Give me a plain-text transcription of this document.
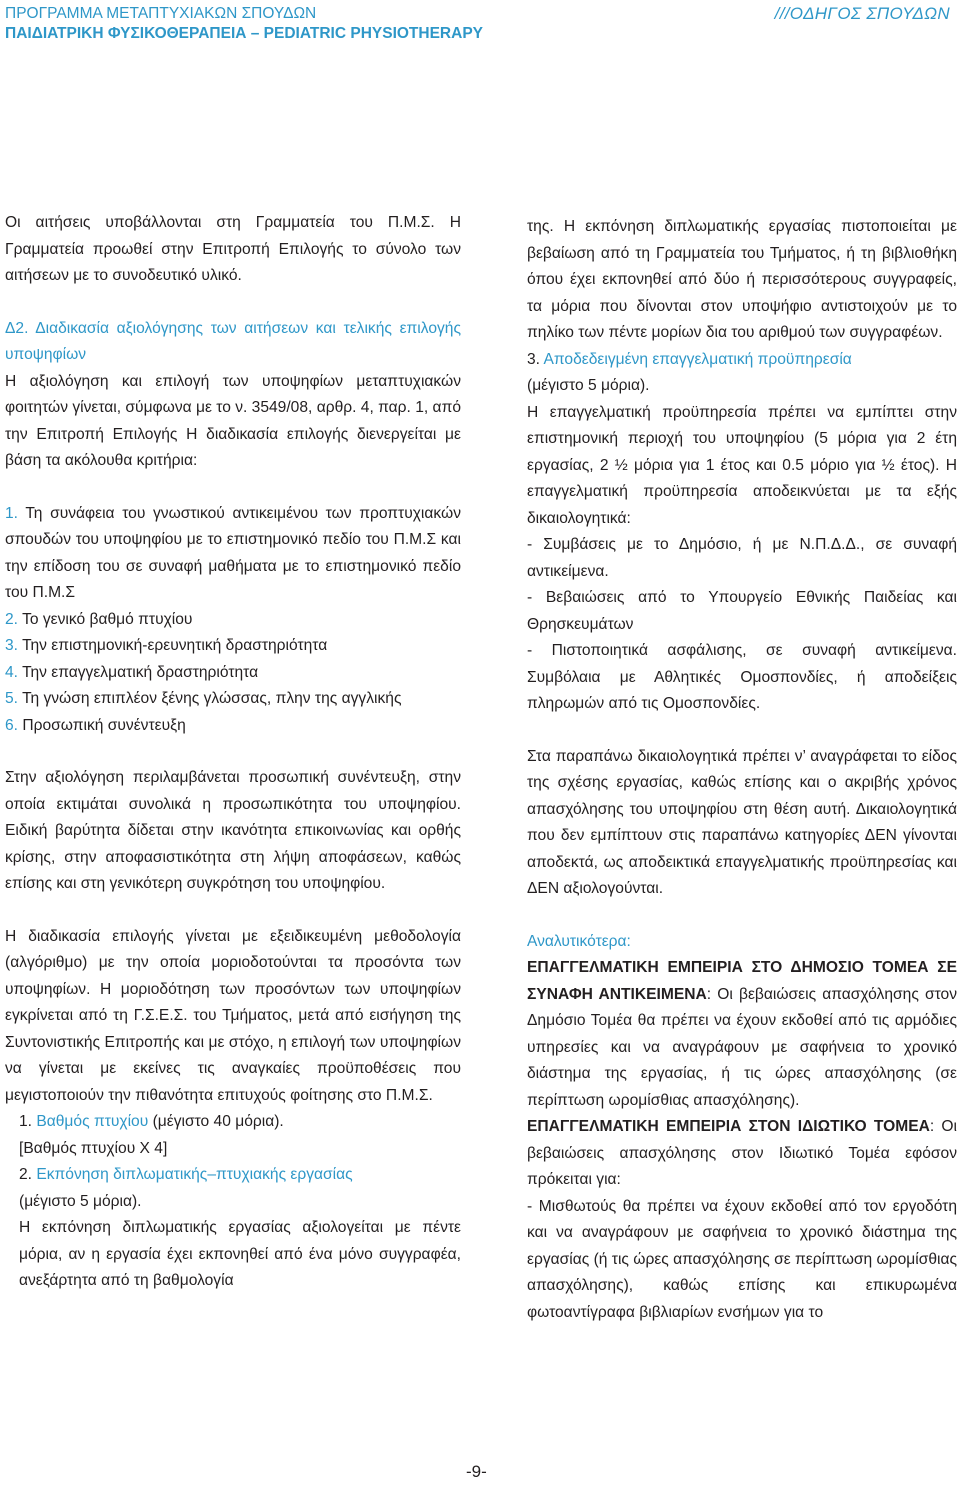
ΠΡΟΓΡΑΜΜΑ ΜΕΤΑΠΤΥΧΙΑΚΩΝ ΣΠΟΥΔΩΝ
ΠΑΙΔΙΑΤΡΙΚΗ ΦΥΣΙΚΟΘΕΡΑΠΕΙΑ – PEDIATRIC PHYSIOTHERAPY
///ΟΔΗΓΟΣ ΣΠΟΥΔΩΝ

Οι αιτήσεις υποβάλλονται στη Γραμματεία του Π.Μ.Σ. Η Γραμματεία προωθεί στην Επιτροπή Επιλογής το σύνολο των αιτήσεων με το συνοδευτικό υλικό.

Δ2. Διαδικασία αξιολόγησης των αιτήσεων και τελικής επιλογής υποψηφίων

Η αξιολόγηση και επιλογή των υποψηφίων μεταπτυχιακών φοιτητών γίνεται, σύμφωνα με το ν. 3549/08, αρθρ. 4, παρ. 1, από την Επιτροπή Επιλογής Η διαδικασία επιλογής διενεργείται με βάση τα ακόλουθα κριτήρια:

1. Τη συνάφεια του γνωστικού αντικειμένου των προπτυχιακών σπουδών του υποψηφίου με το επιστημονικό πεδίο του Π.Μ.Σ και την επίδοση του σε συναφή μαθήματα με το επιστημονικό πεδίο του Π.Μ.Σ

2. Το γενικό βαθμό πτυχίου

3. Την επιστημονική-ερευνητική δραστηριότητα

4. Την επαγγελματική δραστηριότητα

5. Τη γνώση επιπλέον ξένης γλώσσας, πλην της αγγλικής

6. Προσωπική συνέντευξη

Στην αξιολόγηση περιλαμβάνεται προσωπική συνέντευξη, στην οποία εκτιμάται συνολικά η προσωπικότητα του υποψηφίου. Ειδική βαρύτητα δίδεται στην ικανότητα επικοινωνίας και ορθής κρίσης, στην αποφασιστικότητα στη λήψη αποφάσεων, καθώς επίσης και στη γενικότερη συγκρότηση του υποψηφίου.

Η διαδικασία επιλογής γίνεται με εξειδικευμένη μεθοδολογία (αλγόριθμο) με την οποία μοριοδοτούνται τα προσόντα των υποψηφίων. Η μοριοδότηση των προσόντων των υποψηφίων εγκρίνεται από τη Γ.Σ.Ε.Σ. του Τμήματος, μετά από εισήγηση της Συντονιστικής Επιτροπής και με στόχο, η επιλογή των υποψηφίων να γίνεται με εκείνες τις αναγκαίες προϋποθέσεις που μεγιστοποιούν την πιθανότητα επιτυχούς φοίτησης στο Π.Μ.Σ.

1. Βαθμός πτυχίου (μέγιστο 40 μόρια).

[Βαθμός πτυχίου Χ 4]

2. Εκπόνηση διπλωματικής–πτυχιακής εργασίας

(μέγιστο 5 μόρια).

Η εκπόνηση διπλωματικής εργασίας αξιολογείται με πέντε μόρια, αν η εργασία έχει εκπονηθεί από ένα μόνο συγγραφέα, ανεξάρτητα από τη βαθμολογία

της. Η εκπόνηση διπλωματικής εργασίας πιστοποιείται με βεβαίωση από τη Γραμματεία του Τμήματος, ή τη βιβλιοθήκη όπου έχει εκπονηθεί από δύο ή περισσότερους συγγραφείς, τα μόρια που δίνονται στον υποψήφιο αντιστοιχούν με το πηλίκο των πέντε μορίων δια του αριθμού των συγγραφέων.

3. Αποδεδειγμένη επαγγελματική προϋπηρεσία

(μέγιστο 5 μόρια).

Η επαγγελματική προϋπηρεσία πρέπει να εμπίπτει στην επιστημονική περιοχή του υποψηφίου (5 μόρια για 2 έτη εργασίας, 2 ½ μόρια για 1 έτος και 0.5 μόριο για ½ έτος). Η επαγγελματική προϋπηρεσία αποδεικνύεται με τα εξής δικαιολογητικά:

- Συμβάσεις με το Δημόσιο, ή με Ν.Π.Δ.Δ., σε συναφή αντικείμενα.

- Βεβαιώσεις από το Υπουργείο Εθνικής Παιδείας και Θρησκευμάτων

- Πιστοποιητικά ασφάλισης, σε συναφή αντικείμενα. Συμβόλαια με Αθλητικές Ομοσπονδίες, ή αποδείξεις πληρωμών από τις Ομοσπονδίες.

Στα παραπάνω δικαιολογητικά πρέπει ν’ αναγράφεται το είδος της σχέσης εργασίας, καθώς επίσης και ο ακριβής χρόνος απασχόλησης του υποψηφίου στη θέση αυτή. Δικαιολογητικά που δεν εμπίπτουν στις παραπάνω κατηγορίες ΔΕΝ γίνονται αποδεκτά, ως αποδεικτικά επαγγελματικής προϋπηρεσίας και ΔΕΝ αξιολογούνται.

Αναλυτικότερα:

ΕΠΑΓΓΕΛΜΑΤΙΚΗ ΕΜΠΕΙΡΙΑ ΣΤΟ ΔΗΜΟΣΙΟ ΤΟΜΕΑ ΣΕ ΣΥΝΑΦΗ ΑΝΤΙΚΕΙΜΕΝΑ: Οι βεβαιώσεις απασχόλησης στον Δημόσιο Τομέα θα πρέπει να έχουν εκδοθεί από τις αρμόδιες υπηρεσίες και να αναγράφουν με σαφήνεια το χρονικό διάστημα της εργασίας, ή τις ώρες απασχόλησης (σε περίπτωση ωρομίσθιας απασχόλησης).

ΕΠΑΓΓΕΛΜΑΤΙΚΗ ΕΜΠΕΙΡΙΑ ΣΤΟΝ ΙΔΙΩΤΙΚΟ ΤΟΜΕΑ: Οι βεβαιώσεις απασχόλησης στον Ιδιωτικό Τομέα εφόσον πρόκειται για:

- Μισθωτούς θα πρέπει να έχουν εκδοθεί από τον εργοδότη και να αναγράφουν με σαφήνεια το χρονικό διάστημα της εργασίας (ή τις ώρες απασχόλησης σε περίπτωση ωρομίσθιας απασχόλησης), καθώς επίσης και επικυρωμένα φωτοαντίγραφα βιβλιαρίων ενσήμων για το

-9-
